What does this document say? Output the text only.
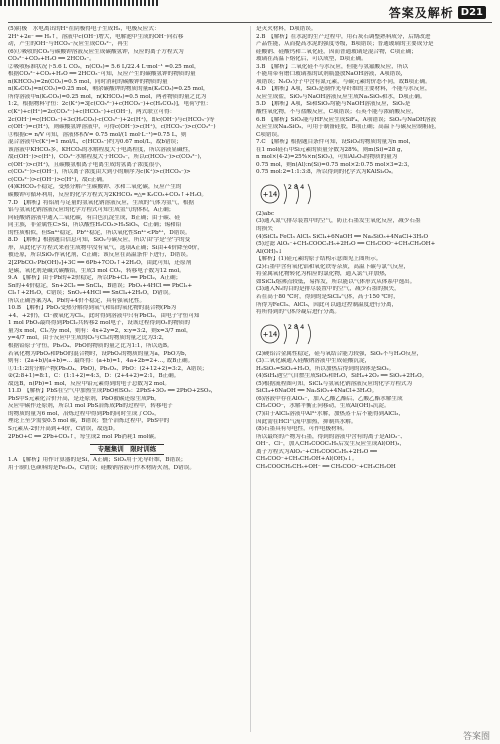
答案及解析 D21
(5)阴极　水电离出的H⁺在阴极得电子生成H₂，电极反应式：
2H⁺+2e⁻ ══ H₂↑，溶液中c(OH⁻)增大，电解池中生成的OH⁻向右移
动，产生的OH⁻与HCO₃⁻反应生成CO₃²⁻，再生
(6)①吸收的CO₂与碳酸钾溶液反应生成碳酸氢钾，反应的离子方程式为
CO₃²⁻+CO₂+H₂O ══ 2HCO₃⁻。
②吸收标准状况下5.6 L CO₂，n(CO₂)= 5.6 L/22.4 L·mol⁻¹ =0.25 mol，
根据CO₃²⁻+CO₂+H₂O ══ 2HCO₃⁻可知，反应产生的碳酸氢钾的物质的量
n(KHCO₃)=2n(CO₂)=0.5 mol，同时消耗的碳酸钾的物质的量
n(K₂CO₃)=n(CO₂)=0.25 mol，剩余碳酸钾的物质的量n(K₂CO₃)=0.25 mol，
所得溶液中n(K₂CO₃)=0.25 mol，n(KHCO₃)=0.5 mol，两者物质的量之比为
1:2，根据物料守恒：2c(K⁺)=3[c(CO₃²⁻)+c(HCO₃⁻)+c(H₂CO₃)]，电荷守恒：
c(K⁺)+c(H⁺)=2c(CO₃²⁻)+c(HCO₃⁻)+c(OH⁻)，两式联立可得：
2c(OH⁻)=c(HCO₃⁻)+3c(H₂CO₃)-c(CO₃²⁻)+2c(H⁺)，即c(OH⁻)与c(HCO₃⁻)等
c(OH⁻)=c(H⁺)，则碳酸氢钾溶液中，可得c(OH⁻)>c(H⁺)，c(HCO₃⁻)>c(CO₃²⁻)
③根据c= n/V 可知，溶液体积V= 0.75 mol/(1 mol·L⁻¹)=0.75 L，则
混合溶液中c(K⁺)=1 mol/L，c(HCO₃⁻)约为0.67 mol/L，故b错误；
该溶液中KHCO₃多，KHCO₃的水解程度大于电离程度，所以溶液显碱性，
故c(OH⁻)>c(H⁺)，CO₃²⁻水解程度大于HCO₃⁻，所以c(HCO₃⁻)>c(CO₃²⁻)，
c(OH⁻)>c(H⁺)，且碳酸氢根离子电离生成的氢离子浓度很小，
c(CO₃²⁻)>c(OH⁻)，所以离子浓度由大到小的顺序为c(K⁺)>c(HCO₃⁻)>
c(CO₃²⁻)>c(OH⁻)>c(H⁺)，故c正确。
(4)KHCO₃不稳定，受热分解产生碳酸钾、水和二氧化碳，反应产生的
碳酸钾可循环利用，反应的化学方程式为2KHCO₃ ═△═ K₂CO₃+CO₂↑+H₂O。
7.D　【解析】将铝屑与足量的氢氧化钠溶液反应，生成的气体为氢气，根据
铝与氢氧化钠溶液反应的化学方程式可知生成氢气的体积，A正确；
向硅酸钠溶液中通入二氧化碳，有白色沉淀生成，B正确；由于碳、硅
同主族，非金属性C>Si，所以酸性H₂CO₃>H₂SiO₃，C正确；锡和铅
的性质相似，但Sn⁴⁺稳定，Pb²⁺稳定，所以氧化性Sn⁴⁺<Pb⁴⁺，D错误。
8.D　【解析】根据题目信息可知，SiO₂与碳反应，所以'由'字是'全'字的变
形，从此化学方程式来看生成物中没有氧气，选项A正确；Si由+4价降至0价，
被还原，所以SiO₂作氧化剂，C正确；该反应在高温条件下进行，D错误。
2[2PbCO₃·Pb(OH)₂]+3C ══ 6Pb+7CO₂↑+2H₂O，由此可知，还原剂
是碳，氧化剂是碱式碳酸铅，生成3 mol CO₂，转移电子数为12 mol。
9.A　【解析】由于Pb的+2价稳定，所以Pb+Cl₂ ══ PbCl₂，A正确；
Sn的+4价稳定，Sn+2Cl₂ ══ SnCl₄，B错误；PbO₂+4HCl ══ PbCl₂+
Cl₂↑+2H₂O，C错误；SnO₂+4HCl ══ SnCl₄+2H₂O，D错误。
所以正确答案为A，Pb的+4价不稳定，具有强氧化性。
10.B　【解析】PbO₂受热分解得到氧气和铅的氧化物的混合物(Pb为
+4、+2价)，Cl⁻被氧化为Cl₂，此时得到溶液中只有PbCl₂，由电子守恒可知
1 mol PbO₂最终得到PbCl₂共转移2 mol电子，设该过程得到O₂的物质的
量为x mol，Cl₂为y mol，则有：4x+2y=2，x:y=3:2，则x=3/7 mol，
y=4/7 mol，由于反应中生成的O₂与Cl₂的物质的量之比为3:2，
根据铅原子守恒，Pb₃O₄、PbO的物质的量之比为1:1，所以选B。
若氧化物为PbO₂和PbO的混合物时，设PbO₂的物质的量为a，PbO为b，
则有：(2a+b)/(a+b)=... 最终得：(a+b)=1，4a+2b=2+..., 故B正确。
①1:1:2的分解产物(Pb₃O₄、PbO)，Pb₂O₃、PbO：(2+12+2)=3:2，A错误；
②(2:8+1)=8:1，C：(1:1+2)=4:3，D：(2+4+2)=2:1，B正确。
故选B，n(Pb)=1 mol，反应中铅元素得到的电子总数为2 mol。
11.D　【解析】PbS在空气中加热生成PbO和SO₂：2PbS+3O₂ ══ 2PbO+2SO₂，
PbS中S元素化合价升高，是还原剂，PbO被碳还原生成Pb，
反应中碳作还原剂，所以1 mol PbS冶炼成Pb的过程中，转移电子
的物质的量为6 mol，冶炼过程中得到Pb的同时生成了CO₂，
理论上至少需要0.5 mol 碳，B错误；整个冶炼过程中，PbS中的
S元素从-2价升高到+4价，C错误，故选D。
2PbO+C ══ 2Pb+CO₂↑，每生成2 mol Pb消耗1 mol碳。
专题集训　限时训练
1.A　【解析】用作计算器的是Si，A正确；SiO₂用于光导纤维，B错误；
用于制红色颜料的是Fe₂O₃，C错误；硅酸钠溶液可作木材防火剂，D错误。
是灭火材料，D项错误。
2.B　【解析】在水泥的生产过程中，用石灰石调整熟料成分，后期改进
产品性能，从而提高水泥的强度等级，B项错误；普通玻璃的主要成分是
硅酸钠、硅酸钙和二氧化硅，因而普通玻璃是混合物，C项正确；
玻璃在高温下熔化后，可以成型，D项正确。
3.B　【解析】二氧化硅不与水反应，但能与氢氟酸反应，所以
不能用带有磨口玻璃塞的试剂瓶盛放NaOH溶液，A项错误，
项错误；N₂O₃分子中含有氮元素，与碳元素的价态不同，故B项正确。
4.D　【解析】A项，SiO₂是制作光导纤维的主要材料，不能与水反应，
反应生成盐，SiO₂与NaOH溶液反应生成Na₂SiO₃和水，D项正确。
5.D　【解析】A项，Si和SiO₂均能与NaOH溶液反应，SiO₂是
酸性氧化物，不与盐酸反应，C项错误；石英不能与浓硝酸反应，
6.B　【解析】SiO₂能与HF反应生成SiF₄，A项错误；SiO₂与NaOH溶液
反应生成Na₂SiO₃，可用于制备硅胶，B项正确；高温下与碳反应制粗硅，
C项错误。
7.C　【解析】根据题目条件可知，设SiO₂的物质的量为n mol，
在1 mol硅石中Si元素的质量分数为28%，则m(Si)=28 g，
n mol×(4-2)=25%×n(SiO₂)，可知Al₂O₃的物质的量为
0.75 mol，则n(Al):n(Si)=0.75 mol×2:0.75 mol×3=2:3，
0.75 mol:2=1:1:3:8，所以得到的化学式为KAlSi₃O₈。
+14
2 8 4
(2)abc
(3)通入氮气排尽装置中的空气，防止石墨发生氧化反应，减少石墨
的损失
(4)SiCl₄ FeCl₃ AlCl₃ SiCl₄+6NaOH ══ Na₂SiO₃+4NaCl+3H₂O
(5)过滤 AlO₂⁻+CH₃COOC₂H₅+2H₂O ══ CH₃COO⁻+CH₃CH₂OH+
Al(OH)₃↓
【解析】(1)硅元素的原子结构示意图见上图所示。
(2)石墨中含有氧化铝和氧化铁等杂质，高温下碳与氯气反应，
将金属氧化物转化为相应的氯化物，通入氯气并加热，
如SiCl₄熔沸点较低，易挥发，所以能以气体形式从体系中逸出。
(3)通入N₂的目的是排尽装置中的空气，减少石墨的损失，
若在高于80 ℃时，得到的是SiCl₄气体，高于150 ℃时，
所得为FeCl₃、AlCl₃，因此可以通过控制温度进行分离，
将所得到的气体冷凝后进行分离。
+14
2 8 4
(2)硬铝合金属性稳定，硅与氧结合能力较强，SiO₂不与H₂O反应，
(3)二氧化碳通入硅酸钠溶液中生成硅酸沉淀，
H₂SiO₃=SiO₂+H₂O，所以加热后得到的固体是SiO₂。
(4)SiH₄遇空气自燃生成SiO₂和H₂O，SiH₄+2O₂ ══ SiO₂+2H₂O。
(5)根据流程图可知，SiCl₄与氢氧化钠溶液反应的化学方程式为
SiCl₄+6NaOH ══ Na₂SiO₃+4NaCl+3H₂O。
(6)溶液中存在AlO₂⁻，加入乙酸乙酯后，乙酸乙酯水解生成
CH₃COO⁻，水解平衡正向移动，生成Al(OH)₃沉淀。
(7)由于AlCl₃溶液中Al³⁺水解，加热蒸干后不能得到AlCl₃，
因此需在HCl气流中加热，抑制其水解。
(8)石墨具有导电性，可作电极材料。
所以最终的产物为石墨，得到的溶液中含有的离子是AlO₂⁻、
OH⁻、Cl⁻，加入CH₃COOC₂H₅后发生反应生成Al(OH)₃，
离子方程式为AlO₂⁻+CH₃COOC₂H₅+2H₂O ══
CH₃COO⁻+CH₃CH₂OH+Al(OH)₃↓。
CH₃COOCH₂CH₃+OH⁻ ══ CH₃COO⁻+CH₃CH₂OH
答案圈
